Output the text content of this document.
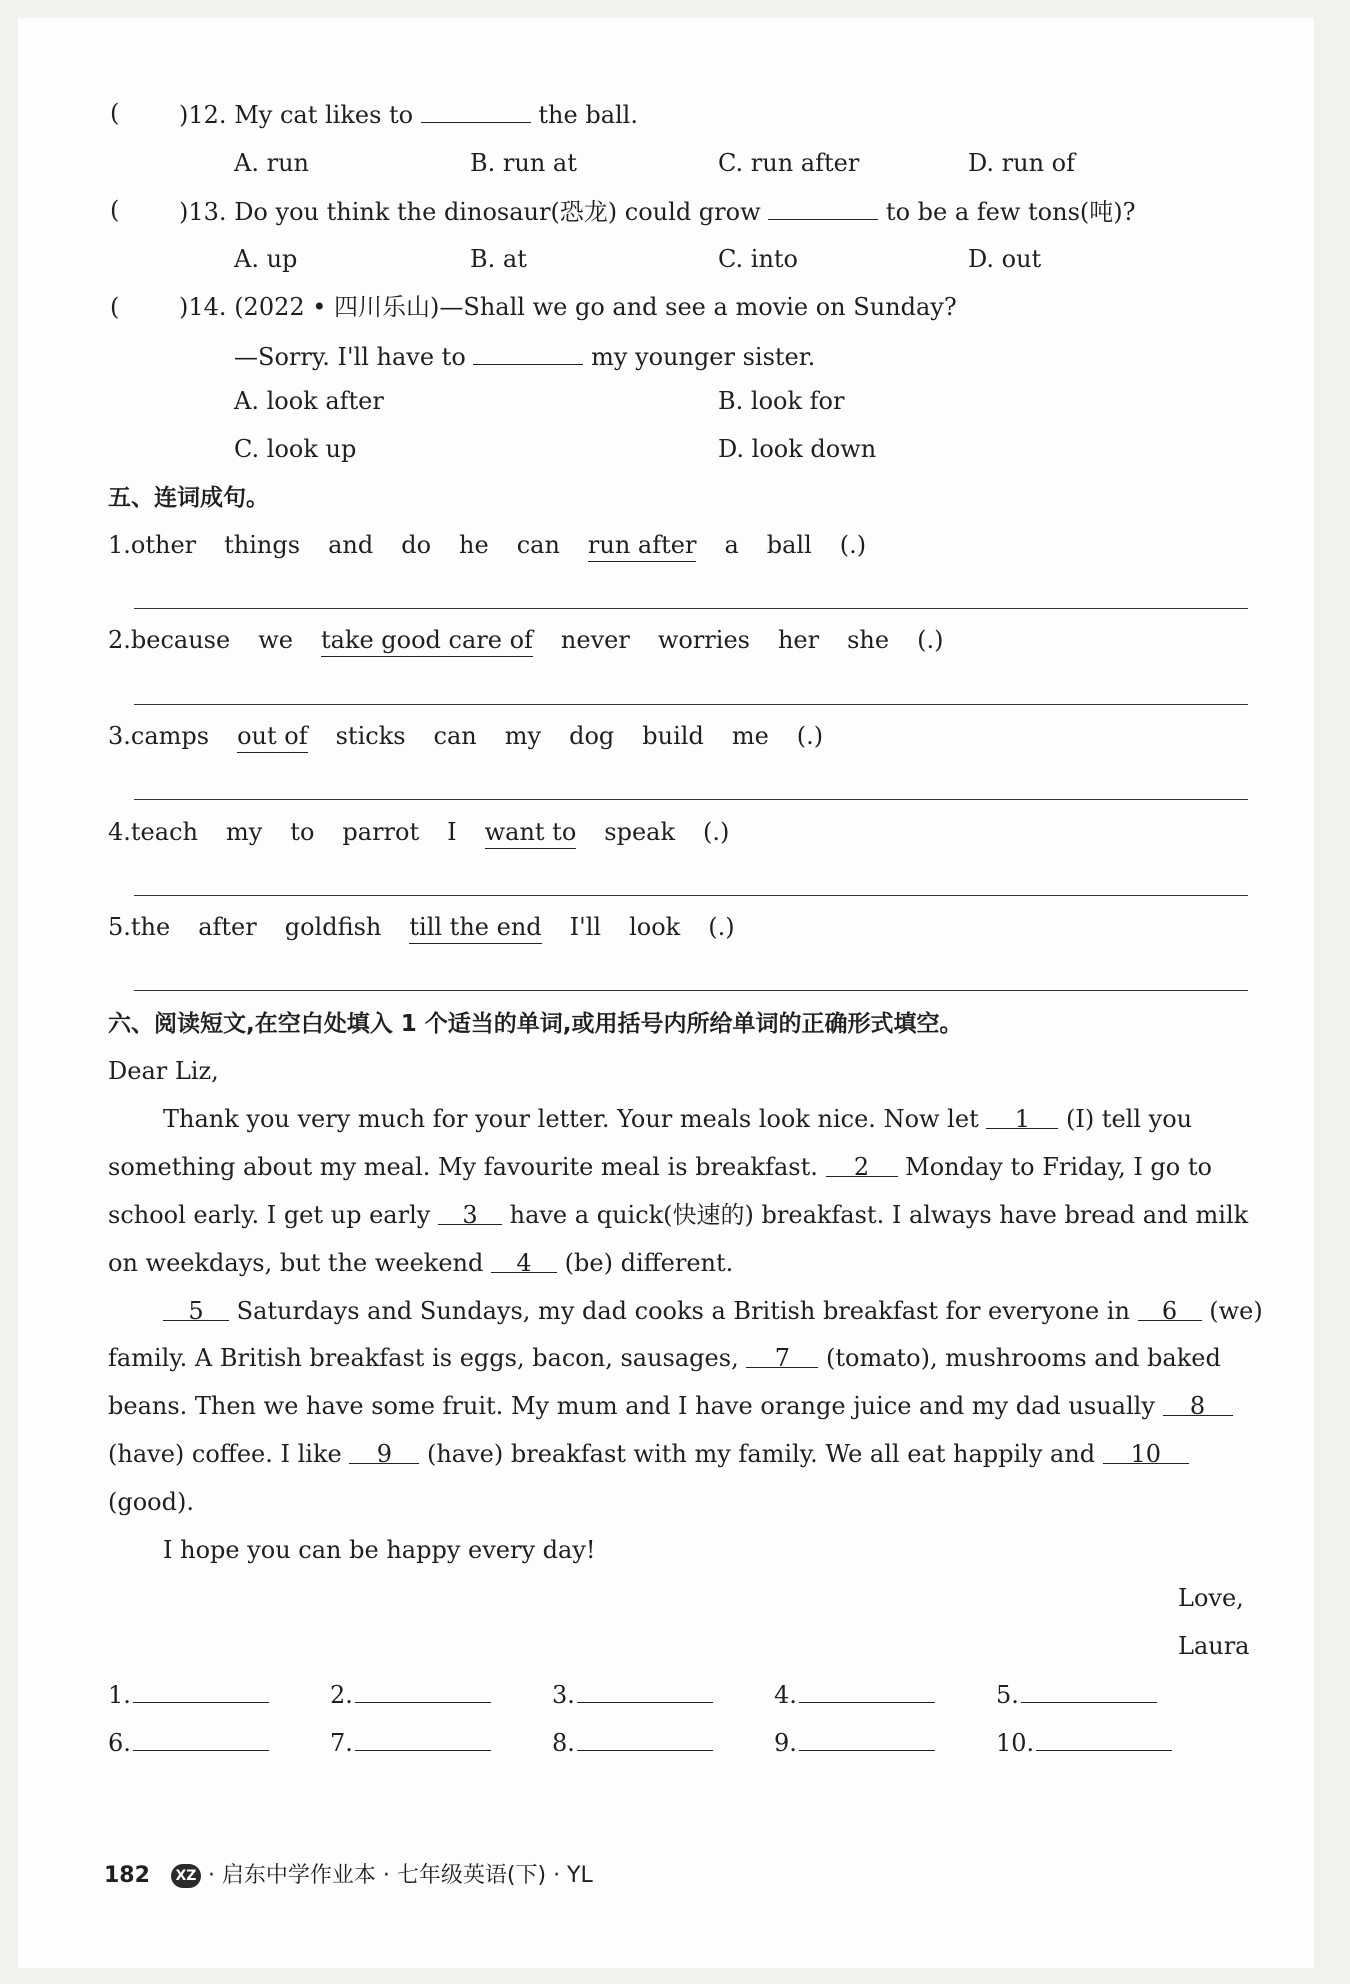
( )12. My cat likes to	the ball.
A. run	B. run at	C. run after	D. run of
( )13. Do you think the dinosaur(恐龙) could grow	to be a few tons(吨)?
A. up	B. at	C. into	D. out
( )14. (2022 • 四川乐山)—Shall we go and see a movie on Sunday?
—Sorry. I'll have to	my younger sister.
A. look after	B. look for
C. look up	D. look down
五、连词成句。
1.other things and do he can run after a ball (.)
2.because we take good care of never worries her she (.)
3.camps out of sticks can my dog build me (.)
4.teach my to parrot I want to speak (.)
5.the after goldfish till the end I'll look (.)
六、阅读短文,在空白处填入 1 个适当的单词,或用括号内所给单词的正确形式填空。
Dear Liz,
Thank you very much for your letter. Your meals look nice. Now let 1 (I) tell you
something about my meal. My favourite meal is breakfast. 2 Monday to Friday, I go to
school early. I get up early 3 have a quick(快速的) breakfast. I always have bread and milk
on weekdays, but the weekend 4 (be) different.
5 Saturdays and Sundays, my dad cooks a British breakfast for everyone in 6 (we)
family. A British breakfast is eggs, bacon, sausages, 7 (tomato), mushrooms and baked
beans. Then we have some fruit. My mum and I have orange juice and my dad usually 8
(have) coffee. I like 9 (have) breakfast with my family. We all eat happily and 10
(good).
I hope you can be happy every day!
Love,
Laura
1.	2.	3.	4.	5.
6.	7.	8.	9.	10.
182 XZ · 启东中学作业本 · 七年级英语(下) · YL
